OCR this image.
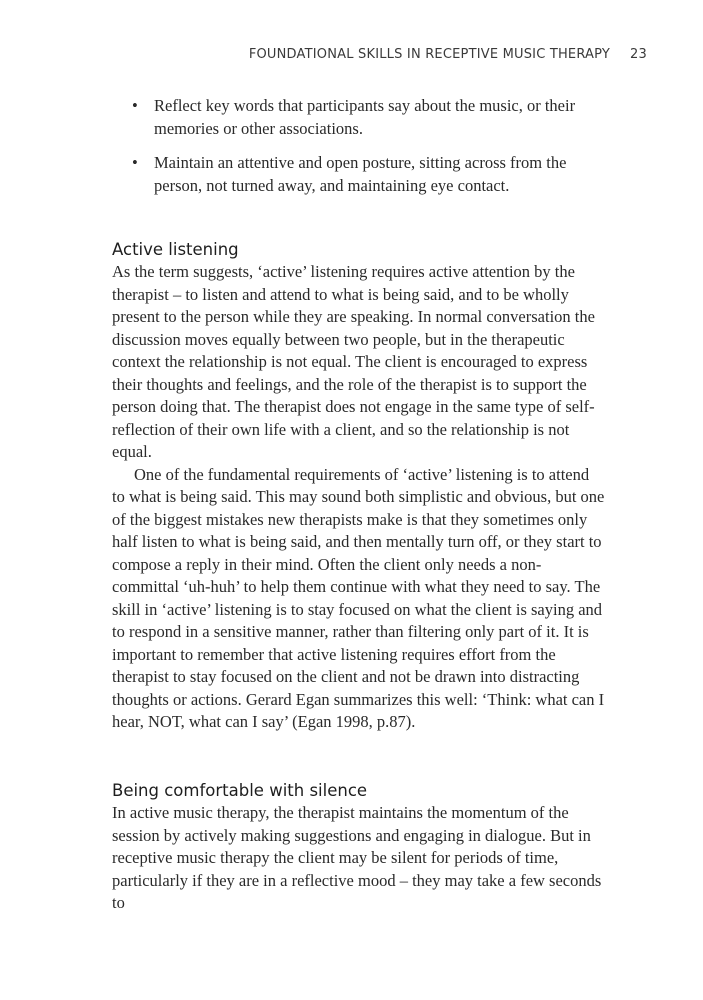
FOUNDATIONAL SKILLS IN RECEPTIVE MUSIC THERAPY 23
• Reflect key words that participants say about the music, or their memories or other associations.
• Maintain an attentive and open posture, sitting across from the person, not turned away, and maintaining eye contact.
Active listening

As the term suggests, ‘active’ listening requires active attention by the therapist – to listen and attend to what is being said, and to be wholly present to the person while they are speaking. In normal conversation the discussion moves equally between two people, but in the therapeutic context the relationship is not equal. The client is encouraged to express their thoughts and feelings, and the role of the therapist is to support the person doing that. The therapist does not engage in the same type of self-reflection of their own life with a client, and so the relationship is not equal.

One of the fundamental requirements of ‘active’ listening is to attend to what is being said. This may sound both simplistic and obvious, but one of the biggest mistakes new therapists make is that they sometimes only half listen to what is being said, and then mentally turn off, or they start to compose a reply in their mind. Often the client only needs a non-committal ‘uh-huh’ to help them continue with what they need to say. The skill in ‘active’ listening is to stay focused on what the client is saying and to respond in a sensitive manner, rather than filtering only part of it. It is important to remember that active listening requires effort from the therapist to stay focused on the client and not be drawn into distracting thoughts or actions. Gerard Egan summarizes this well: ‘Think: what can I hear, NOT, what can I say’ (Egan 1998, p.87).

Being comfortable with silence

In active music therapy, the therapist maintains the momentum of the session by actively making suggestions and engaging in dialogue. But in receptive music therapy the client may be silent for periods of time, particularly if they are in a reflective mood – they may take a few seconds to
